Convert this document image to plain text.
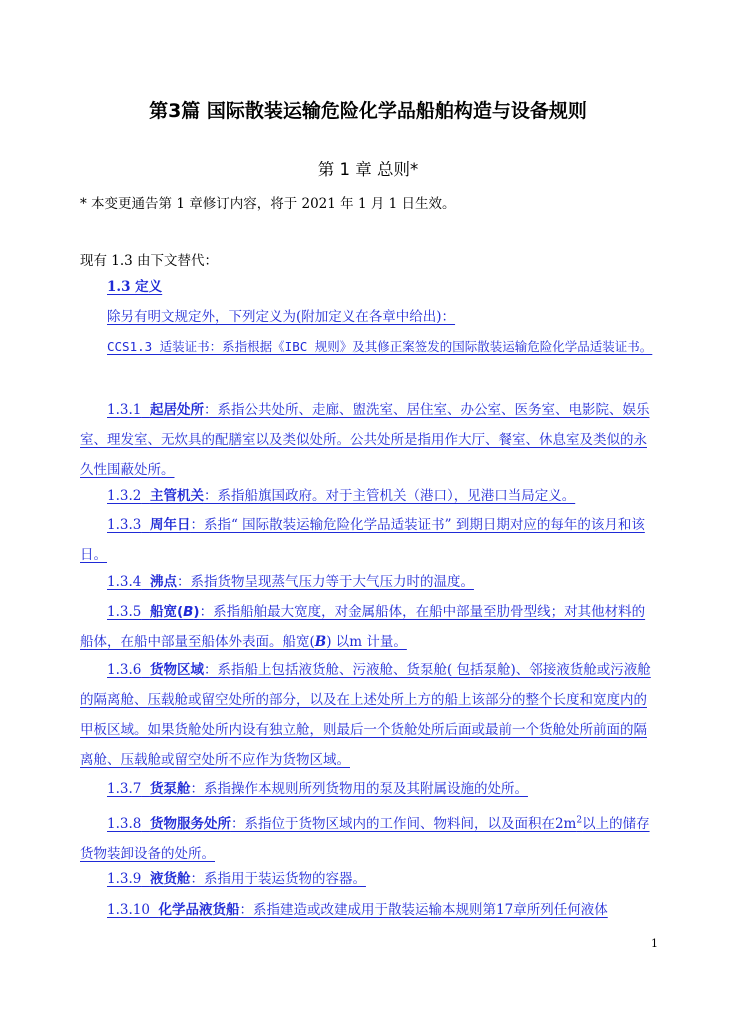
第3篇 国际散装运输危险化学品船舶构造与设备规则
第 1 章 总则*
* 本变更通告第 1 章修订内容，将于 2021 年 1 月 1 日生效。
现有 1.3 由下文替代：
1.3 定义
除另有明文规定外，下列定义为(附加定义在各章中给出)：
CCS1.3 适装证书：系指根据《IBC 规则》及其修正案签发的国际散装运输危险化学品适装证书。
1.3.1 起居处所：系指公共处所、走廊、盥洗室、居住室、办公室、医务室、电影院、娱乐室、理发室、无炊具的配膳室以及类似处所。公共处所是指用作大厅、餐室、休息室及类似的永久性围蔽处所。
1.3.2 主管机关：系指船旗国政府。对于主管机关（港口），见港口当局定义。
1.3.3 周年日：系指“ 国际散装运输危险化学品适装证书” 到期日期对应的每年的该月和该日。
1.3.4 沸点：系指货物呈现蒸气压力等于大气压力时的温度。
1.3.5 船宽(B)：系指船舶最大宽度，对金属船体，在船中部量至肋骨型线；对其他材料的船体，在船中部量至船体外表面。船宽(B) 以m 计量。
1.3.6 货物区域：系指船上包括液货舱、污液舱、货泵舱( 包括泵舱)、邻接液货舱或污液舱的隔离舱、压载舱或留空处所的部分，以及在上述处所上方的船上该部分的整个长度和宽度内的甲板区域。如果货舱处所内设有独立舱，则最后一个货舱处所后面或最前一个货舱处所前面的隔离舱、压载舱或留空处所不应作为货物区域。
1.3.7 货泵舱：系指操作本规则所列货物用的泵及其附属设施的处所。
1.3.8 货物服务处所：系指位于货物区域内的工作间、物料间，以及面积在$2m^2$以上的储存货物装卸设备的处所。
1.3.9 液货舱：系指用于装运货物的容器。
1.3.10 化学品液货船：系指建造或改建成用于散装运输本规则第17章所列任何液体
1
